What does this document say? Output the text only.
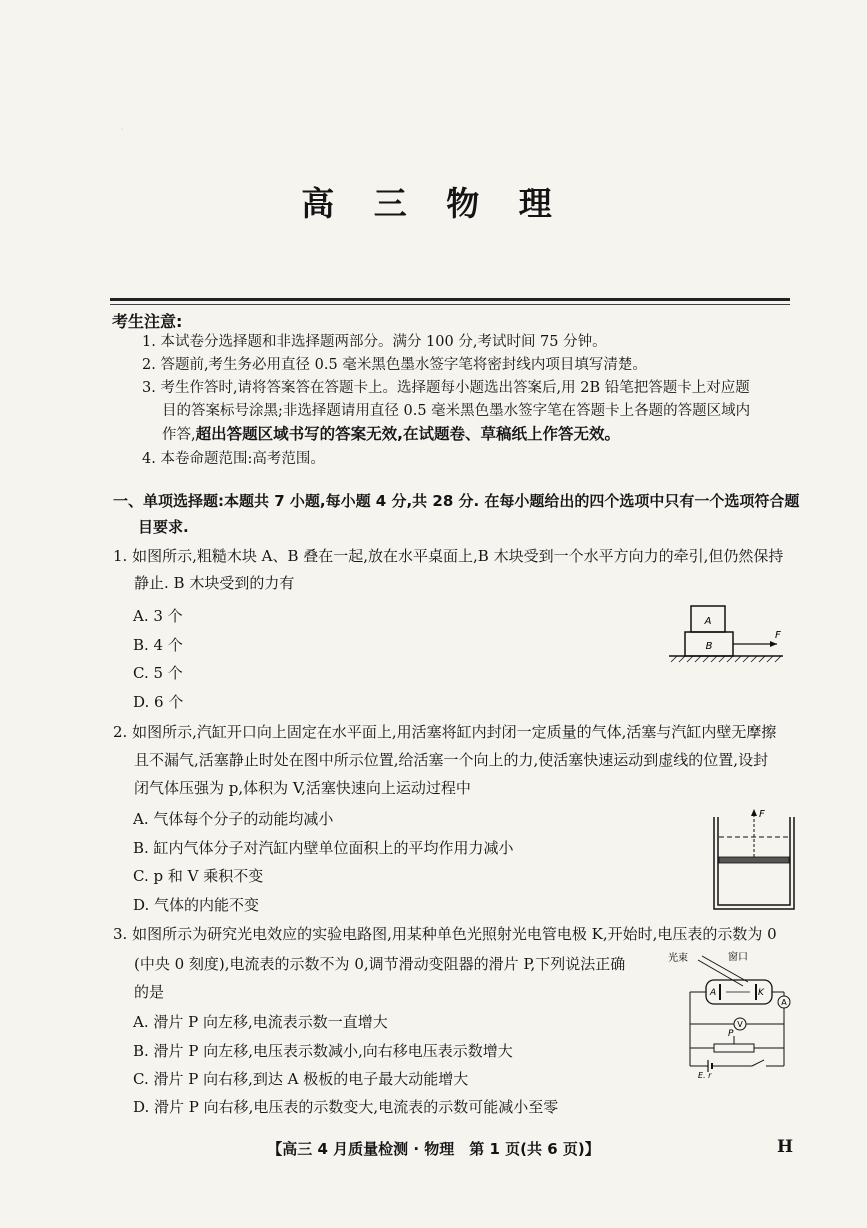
.
高 三 物 理
考生注意:
1. 本试卷分选择题和非选择题两部分。满分 100 分,考试时间 75 分钟。
2. 答题前,考生务必用直径 0.5 毫米黑色墨水签字笔将密封线内项目填写清楚。
3. 考生作答时,请将答案答在答题卡上。选择题每小题选出答案后,用 2B 铅笔把答题卡上对应题
目的答案标号涂黑;非选择题请用直径 0.5 毫米黑色墨水签字笔在答题卡上各题的答题区域内
作答,超出答题区域书写的答案无效,在试题卷、草稿纸上作答无效。
4. 本卷命题范围:高考范围。
一、单项选择题:本题共 7 小题,每小题 4 分,共 28 分. 在每小题给出的四个选项中只有一个选项符合题
目要求.
1. 如图所示,粗糙木块 A、B 叠在一起,放在水平桌面上,B 木块受到一个水平方向力的牵引,但仍然保持
静止. B 木块受到的力有
A. 3 个
B. 4 个
C. 5 个
D. 6 个
A
B
F
2. 如图所示,汽缸开口向上固定在水平面上,用活塞将缸内封闭一定质量的气体,活塞与汽缸内壁无摩擦
且不漏气,活塞静止时处在图中所示位置,给活塞一个向上的力,使活塞快速运动到虚线的位置,设封
闭气体压强为 p,体积为 V,活塞快速向上运动过程中
A. 气体每个分子的动能均减小
B. 缸内气体分子对汽缸内壁单位面积上的平均作用力减小
C. p 和 V 乘积不变
D. 气体的内能不变
F
3. 如图所示为研究光电效应的实验电路图,用某种单色光照射光电管电极 K,开始时,电压表的示数为 0
(中央 0 刻度),电流表的示数不为 0,调节滑动变阻器的滑片 P,下列说法正确
的是
A. 滑片 P 向左移,电流表示数一直增大
B. 滑片 P 向左移,电压表示数减小,向右移电压表示数增大
C. 滑片 P 向右移,到达 A 极板的电子最大动能增大
D. 滑片 P 向右移,电压表的示数变大,电流表的示数可能减小至零
光束	窗口
A	K
A
V
P
E, r
【高三 4 月质量检测 · 物理　第 1 页(共 6 页)】	H
